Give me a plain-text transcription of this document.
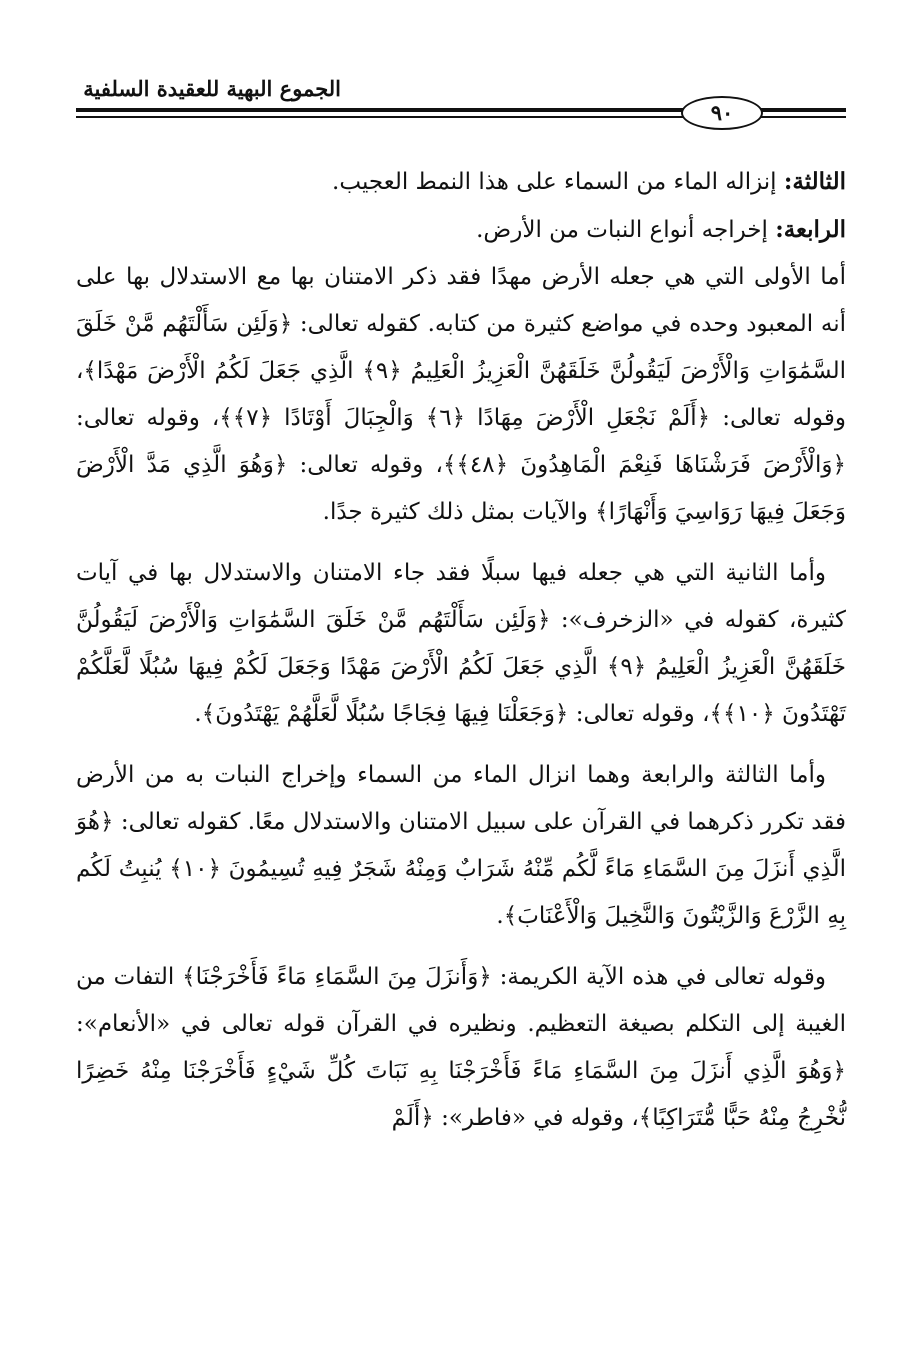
الجموع البهية للعقيدة السلفية
٩٠

الثالثة: إنزاله الماء من السماء على هذا النمط العجيب.

الرابعة: إخراجه أنواع النبات من الأرض.

أما الأولى التي هي جعله الأرض مهدًا فقد ذكر الامتنان بها مع الاستدلال بها على أنه المعبود وحده في مواضع كثيرة من كتابه. كقوله تعالى: ﴿وَلَئِن سَأَلْتَهُم مَّنْ خَلَقَ السَّمَٰوَاتِ وَالْأَرْضَ لَيَقُولُنَّ خَلَقَهُنَّ الْعَزِيزُ الْعَلِيمُ ﴿٩﴾ الَّذِي جَعَلَ لَكُمُ الْأَرْضَ مَهْدًا﴾، وقوله تعالى: ﴿أَلَمْ نَجْعَلِ الْأَرْضَ مِهَادًا ﴿٦﴾ وَالْجِبَالَ أَوْتَادًا ﴿٧﴾﴾، وقوله تعالى: ﴿وَالْأَرْضَ فَرَشْنَاهَا فَنِعْمَ الْمَاهِدُونَ ﴿٤٨﴾﴾، وقوله تعالى: ﴿وَهُوَ الَّذِي مَدَّ الْأَرْضَ وَجَعَلَ فِيهَا رَوَاسِيَ وَأَنْهَارًا﴾ والآيات بمثل ذلك كثيرة جدًا.

وأما الثانية التي هي جعله فيها سبلًا فقد جاء الامتنان والاستدلال بها في آيات كثيرة، كقوله في «الزخرف»: ﴿وَلَئِن سَأَلْتَهُم مَّنْ خَلَقَ السَّمَٰوَاتِ وَالْأَرْضَ لَيَقُولُنَّ خَلَقَهُنَّ الْعَزِيزُ الْعَلِيمُ ﴿٩﴾ الَّذِي جَعَلَ لَكُمُ الْأَرْضَ مَهْدًا وَجَعَلَ لَكُمْ فِيهَا سُبُلًا لَّعَلَّكُمْ تَهْتَدُونَ ﴿١٠﴾﴾، وقوله تعالى: ﴿وَجَعَلْنَا فِيهَا فِجَاجًا سُبُلًا لَّعَلَّهُمْ يَهْتَدُونَ﴾.

وأما الثالثة والرابعة وهما انزال الماء من السماء وإخراج النبات به من الأرض فقد تكرر ذكرهما في القرآن على سبيل الامتنان والاستدلال معًا. كقوله تعالى: ﴿هُوَ الَّذِي أَنزَلَ مِنَ السَّمَاءِ مَاءً لَّكُم مِّنْهُ شَرَابٌ وَمِنْهُ شَجَرٌ فِيهِ تُسِيمُونَ ﴿١٠﴾ يُنبِتُ لَكُم بِهِ الزَّرْعَ وَالزَّيْتُونَ وَالنَّخِيلَ وَالْأَعْنَابَ﴾.

وقوله تعالى في هذه الآية الكريمة: ﴿وَأَنزَلَ مِنَ السَّمَاءِ مَاءً فَأَخْرَجْنَا﴾ التفات من الغيبة إلى التكلم بصيغة التعظيم. ونظيره في القرآن قوله تعالى في «الأنعام»: ﴿وَهُوَ الَّذِي أَنزَلَ مِنَ السَّمَاءِ مَاءً فَأَخْرَجْنَا بِهِ نَبَاتَ كُلِّ شَيْءٍ فَأَخْرَجْنَا مِنْهُ خَضِرًا نُّخْرِجُ مِنْهُ حَبًّا مُّتَرَاكِبًا﴾، وقوله في «فاطر»: ﴿أَلَمْ
